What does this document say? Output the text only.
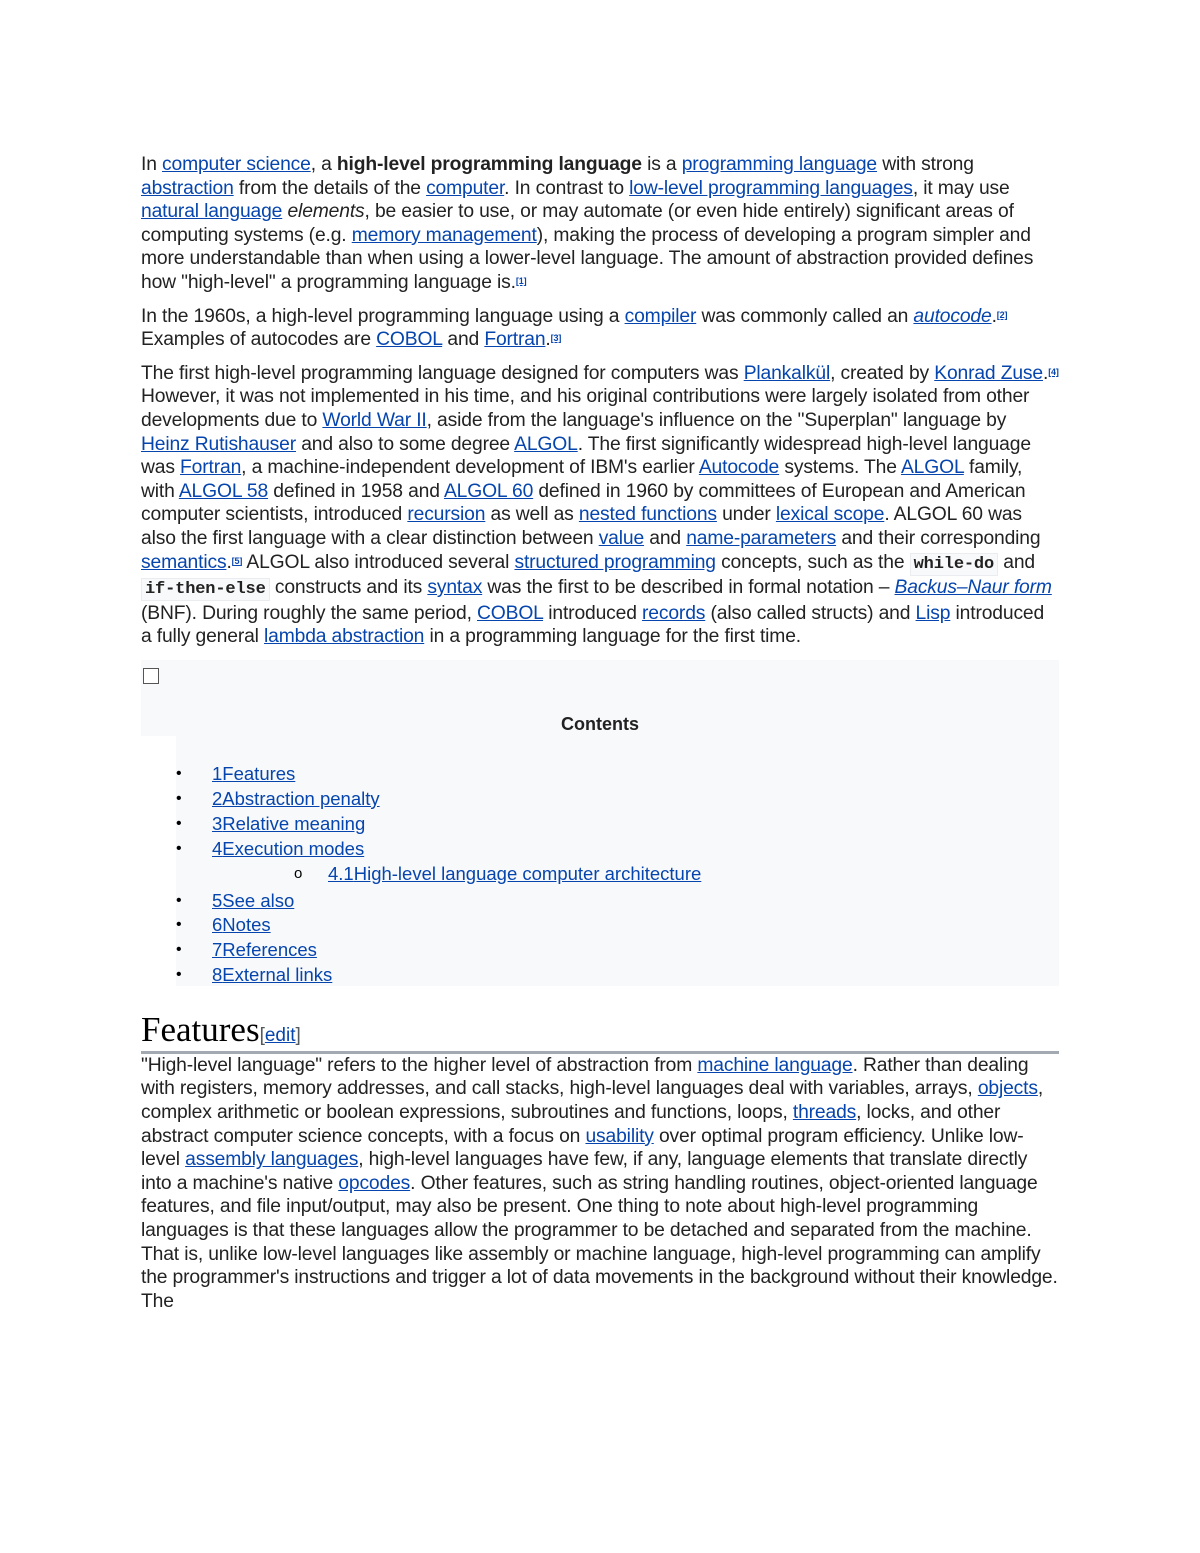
In computer science, a high-level programming language is a programming language with strong abstraction from the details of the computer. In contrast to low-level programming languages, it may use natural language elements, be easier to use, or may automate (or even hide entirely) significant areas of computing systems (e.g. memory management), making the process of developing a program simpler and more understandable than when using a lower-level language. The amount of abstraction provided defines how "high-level" a programming language is.[1]

In the 1960s, a high-level programming language using a compiler was commonly called an autocode.[2] Examples of autocodes are COBOL and Fortran.[3]

The first high-level programming language designed for computers was Plankalkül, created by Konrad Zuse.[4] However, it was not implemented in his time, and his original contributions were largely isolated from other developments due to World War II, aside from the language's influence on the "Superplan" language by Heinz Rutishauser and also to some degree ALGOL. The first significantly widespread high-level language was Fortran, a machine-independent development of IBM's earlier Autocode systems. The ALGOL family, with ALGOL 58 defined in 1958 and ALGOL 60 defined in 1960 by committees of European and American computer scientists, introduced recursion as well as nested functions under lexical scope. ALGOL 60 was also the first language with a clear distinction between value and name-parameters and their corresponding semantics.[5] ALGOL also introduced several structured programming concepts, such as the while-do and if-then-else constructs and its syntax was the first to be described in formal notation – Backus–Naur form (BNF). During roughly the same period, COBOL introduced records (also called structs) and Lisp introduced a fully general lambda abstraction in a programming language for the first time.

Contents
• 1Features
• 2Abstraction penalty
• 3Relative meaning
• 4Execution modes
o 4.1High-level language computer architecture
• 5See also
• 6Notes
• 7References
• 8External links
Features[edit]

"High-level language" refers to the higher level of abstraction from machine language. Rather than dealing with registers, memory addresses, and call stacks, high-level languages deal with variables, arrays, objects, complex arithmetic or boolean expressions, subroutines and functions, loops, threads, locks, and other abstract computer science concepts, with a focus on usability over optimal program efficiency. Unlike low-level assembly languages, high-level languages have few, if any, language elements that translate directly into a machine's native opcodes. Other features, such as string handling routines, object-oriented language features, and file input/output, may also be present. One thing to note about high-level programming languages is that these languages allow the programmer to be detached and separated from the machine. That is, unlike low-level languages like assembly or machine language, high-level programming can amplify the programmer's instructions and trigger a lot of data movements in the background without their knowledge. The
